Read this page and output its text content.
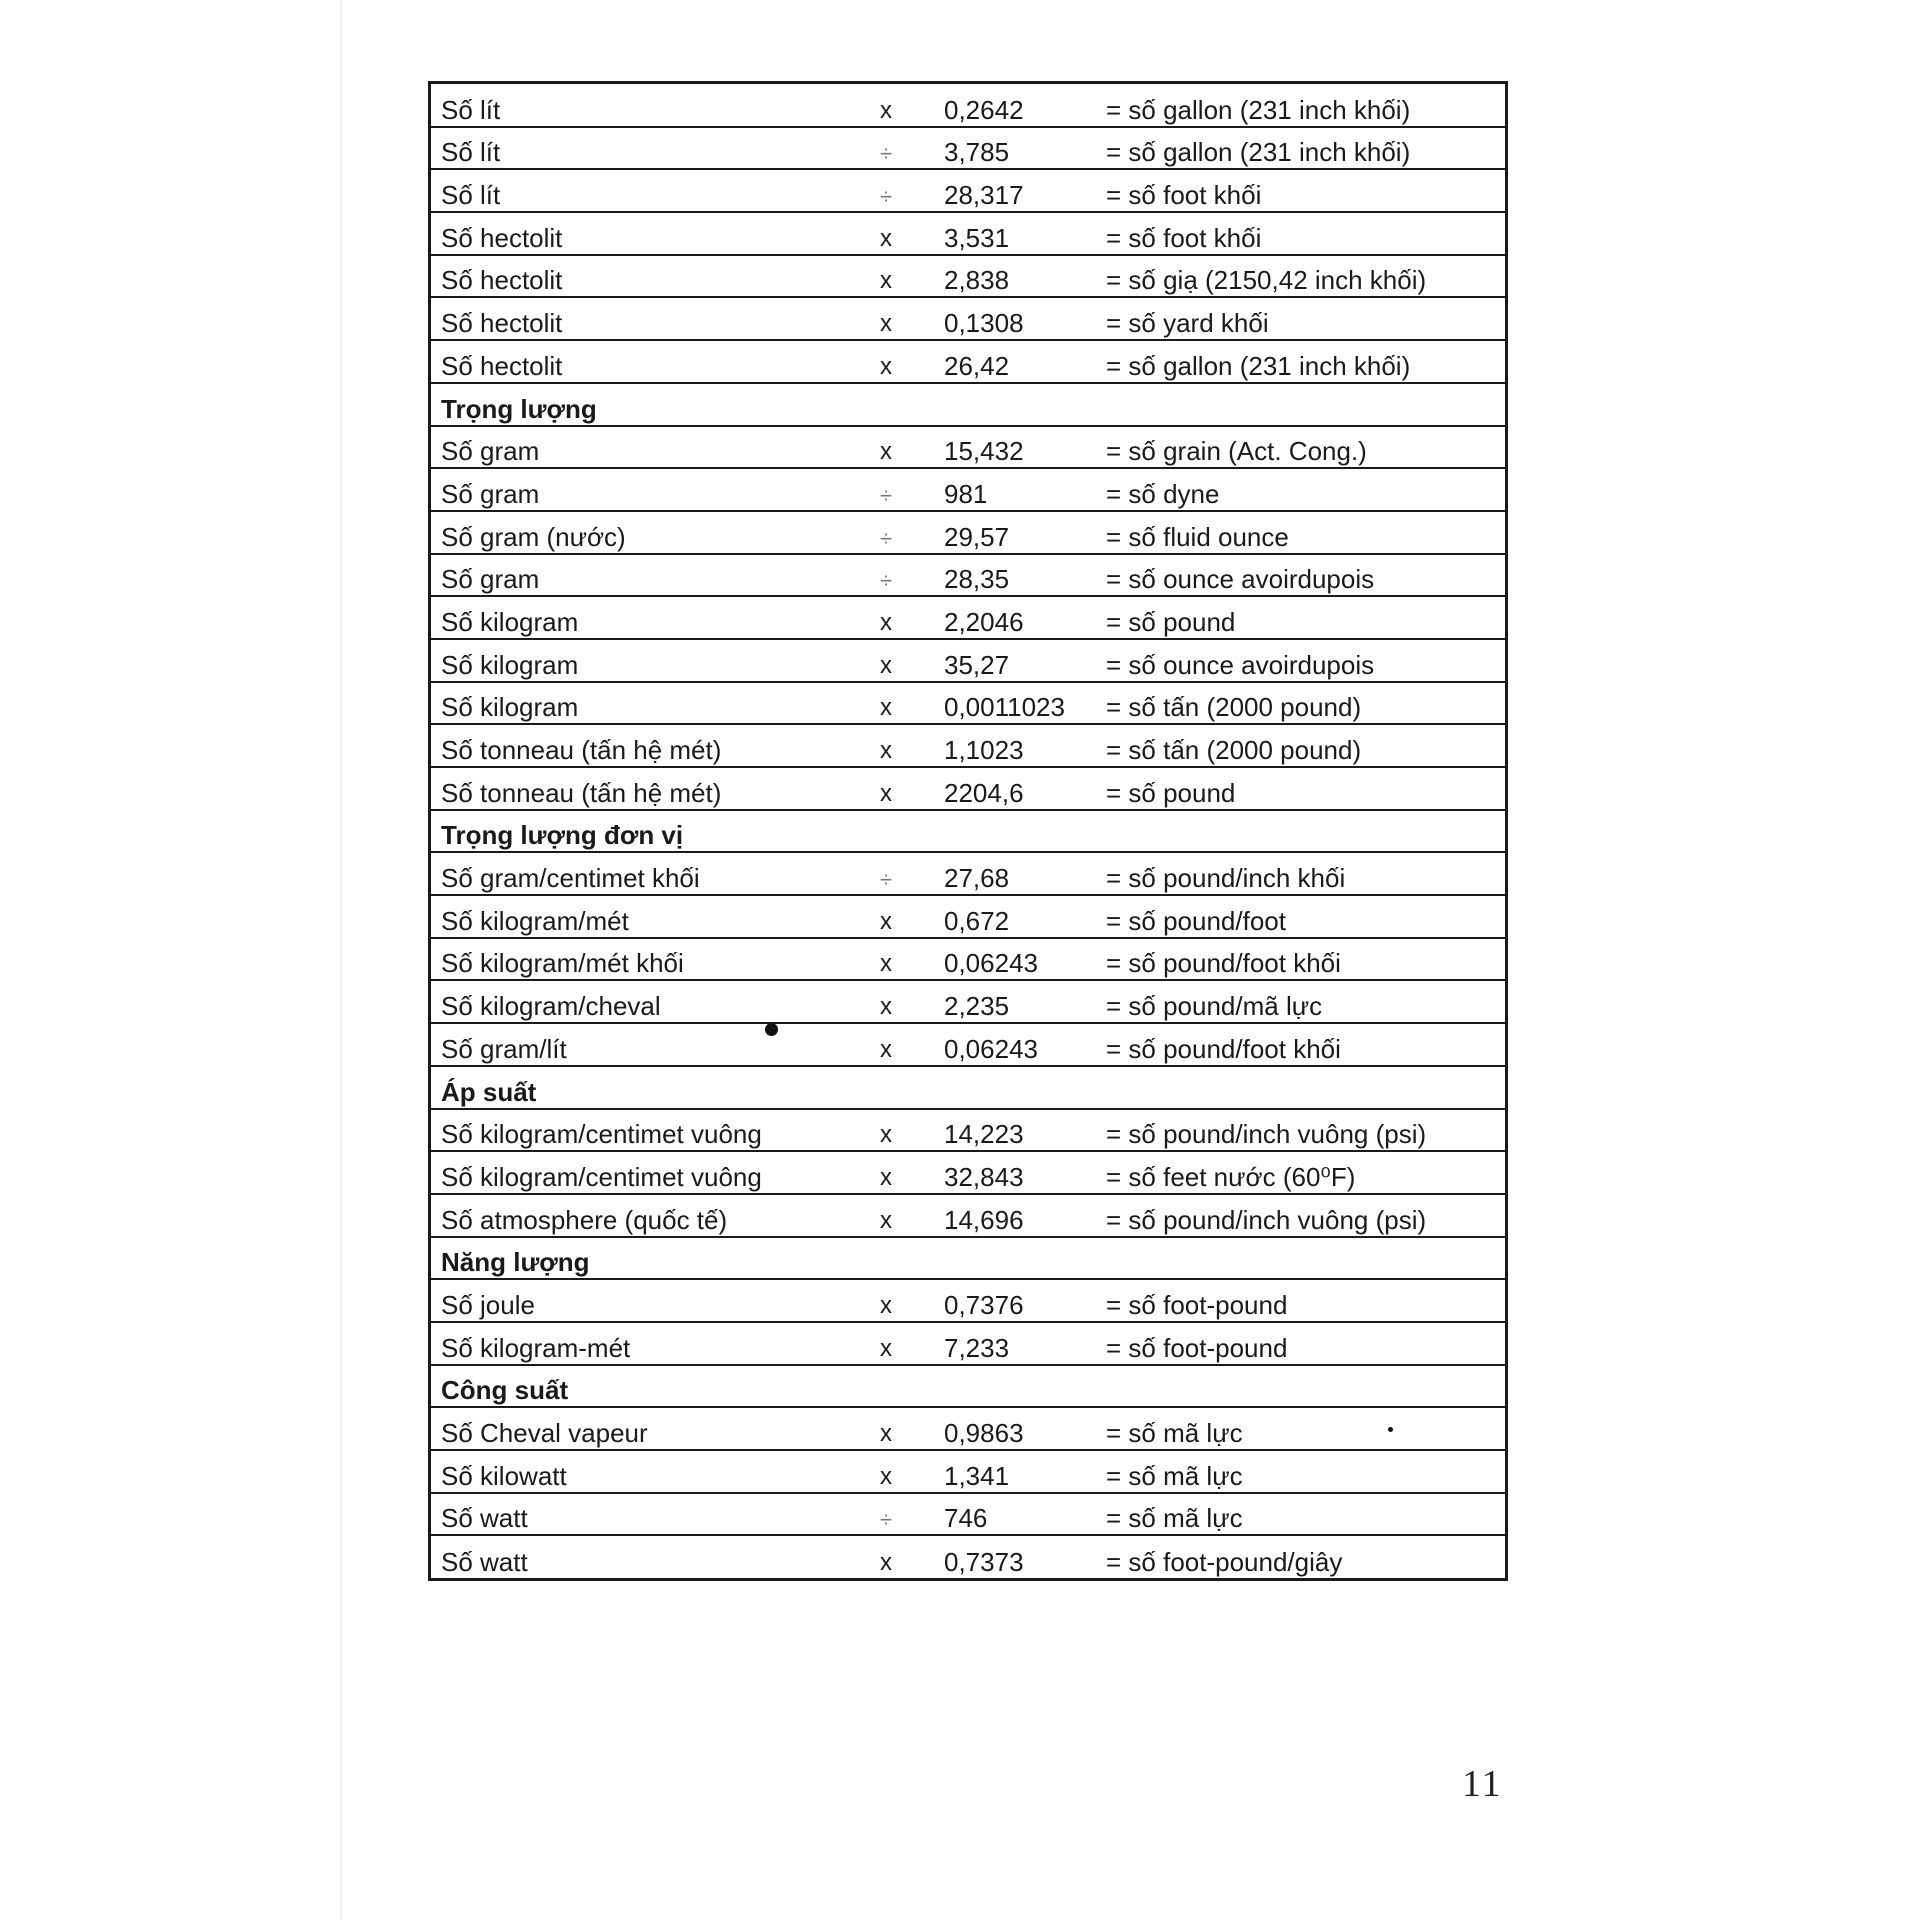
Số lít	x	0,2642	= số gallon (231 inch khối)
Số lít	÷	3,785	= số gallon (231 inch khối)
Số lít	÷	28,317	= số foot khối
Số hectolit	x	3,531	= số foot khối
Số hectolit	x	2,838	= số giạ (2150,42 inch khối)
Số hectolit	x	0,1308	= số yard khối
Số hectolit	x	26,42	= số gallon (231 inch khối)
Trọng lượng			
Số gram	x	15,432	= số grain (Act. Cong.)
Số gram	÷	981	= số dyne
Số gram (nước)	÷	29,57	= số fluid ounce
Số gram	÷	28,35	= số ounce avoirdupois
Số kilogram	x	2,2046	= số pound
Số kilogram	x	35,27	= số ounce avoirdupois
Số kilogram	x	0,0011023	= số tấn (2000 pound)
Số tonneau (tấn hệ mét)	x	1,1023	= số tấn (2000 pound)
Số tonneau (tấn hệ mét)	x	2204,6	= số pound
Trọng lượng đơn vị			
Số gram/centimet khối	÷	27,68	= số pound/inch khối
Số kilogram/mét	x	0,672	= số pound/foot
Số kilogram/mét khối	x	0,06243	= số pound/foot khối
Số kilogram/cheval	x	2,235	= số pound/mã lực
Số gram/lít	x	0,06243	= số pound/foot khối
Áp suất			
Số kilogram/centimet vuông	x	14,223	= số pound/inch vuông (psi)
Số kilogram/centimet vuông	x	32,843	= số feet nước (60⁰F)
Số atmosphere (quốc tế)	x	14,696	= số pound/inch vuông (psi)
Năng lượng			
Số joule	x	0,7376	= số foot-pound
Số kilogram-mét	x	7,233	= số foot-pound
Công suất			
Số Cheval vapeur	x	0,9863	= số mã lực
Số kilowatt	x	1,341	= số mã lực
Số watt	÷	746	= số mã lực
Số watt	x	0,7373	= số foot-pound/giây
11
